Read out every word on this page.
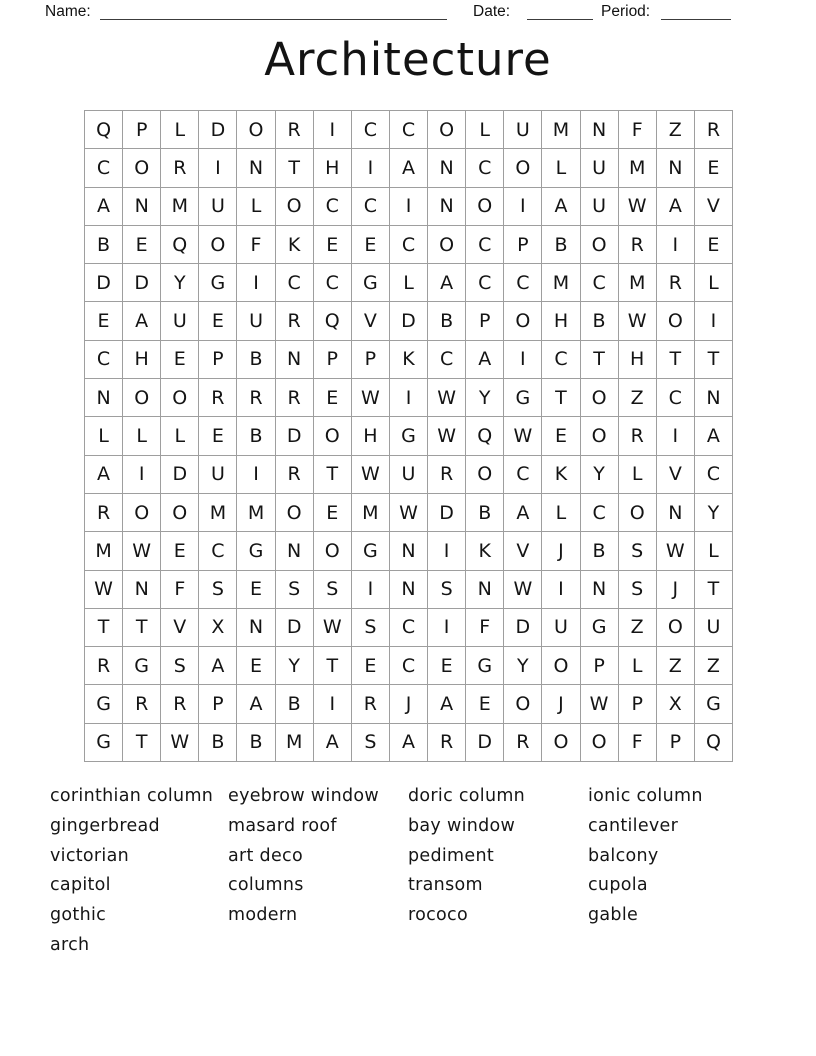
Name:	Date:	Period:
Architecture
Q	P	L	D	O	R	I	C	C	O	L	U	M	N	F	Z	R
C	O	R	I	N	T	H	I	A	N	C	O	L	U	M	N	E
A	N	M	U	L	O	C	C	I	N	O	I	A	U	W	A	V
B	E	Q	O	F	K	E	E	C	O	C	P	B	O	R	I	E
D	D	Y	G	I	C	C	G	L	A	C	C	M	C	M	R	L
E	A	U	E	U	R	Q	V	D	B	P	O	H	B	W	O	I
C	H	E	P	B	N	P	P	K	C	A	I	C	T	H	T	T
N	O	O	R	R	R	E	W	I	W	Y	G	T	O	Z	C	N
L	L	L	E	B	D	O	H	G	W	Q	W	E	O	R	I	A
A	I	D	U	I	R	T	W	U	R	O	C	K	Y	L	V	C
R	O	O	M	M	O	E	M	W	D	B	A	L	C	O	N	Y
M	W	E	C	G	N	O	G	N	I	K	V	J	B	S	W	L
W	N	F	S	E	S	S	I	N	S	N	W	I	N	S	J	T
T	T	V	X	N	D	W	S	C	I	F	D	U	G	Z	O	U
R	G	S	A	E	Y	T	E	C	E	G	Y	O	P	L	Z	Z
G	R	R	P	A	B	I	R	J	A	E	O	J	W	P	X	G
G	T	W	B	B	M	A	S	A	R	D	R	O	O	F	P	Q
corinthian column
gingerbread
victorian
capitol
gothic
arch
eyebrow window
masard roof
art deco
columns
modern
doric column
bay window
pediment
transom
rococo
ionic column
cantilever
balcony
cupola
gable
